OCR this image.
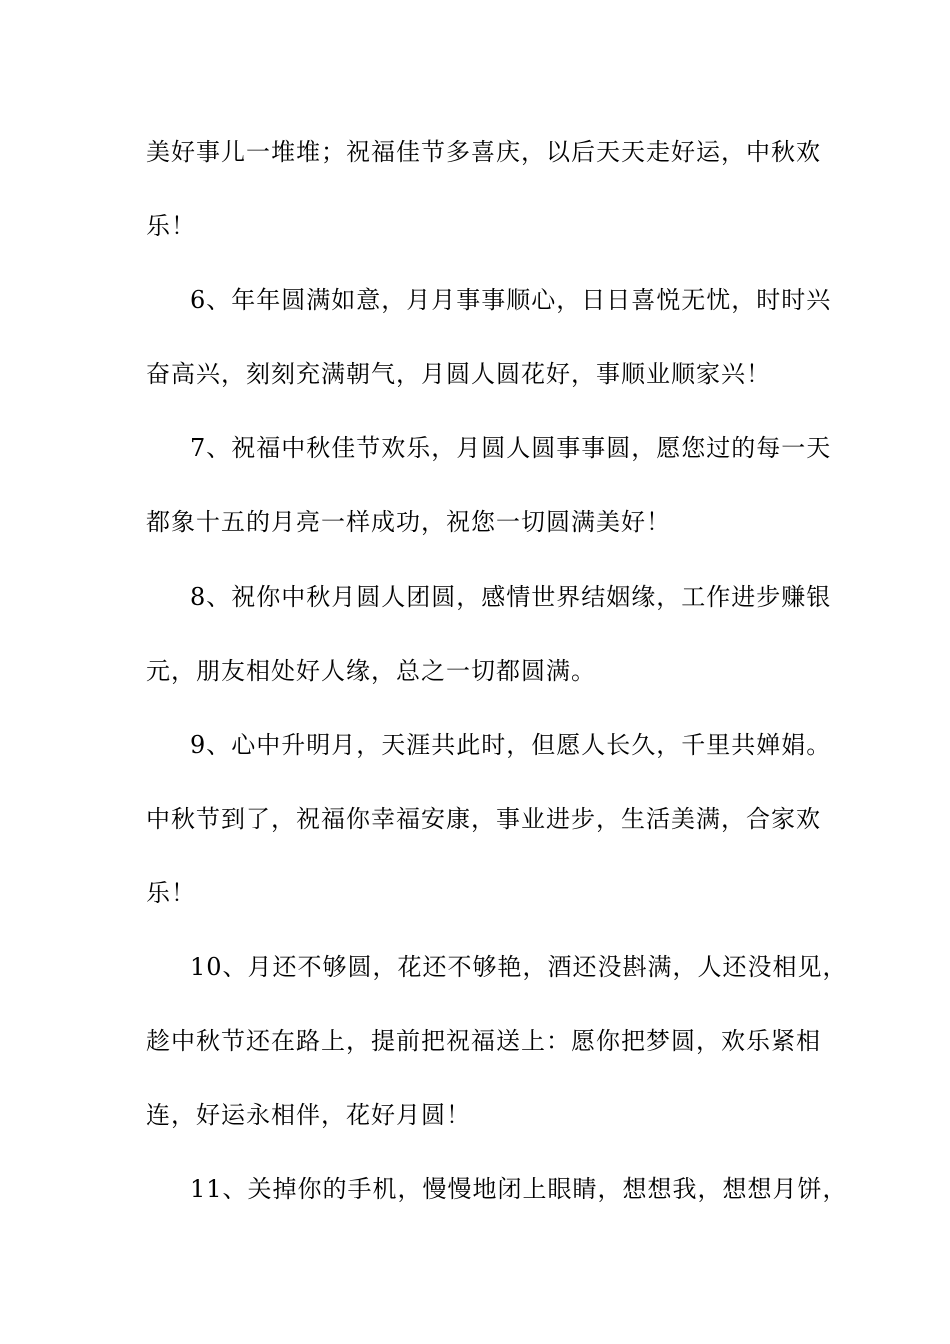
美好事儿一堆堆；祝福佳节多喜庆，以后天天走好运，中秋欢
乐！
6、年年圆满如意，月月事事顺心，日日喜悦无忧，时时兴
奋高兴，刻刻充满朝气，月圆人圆花好，事顺业顺家兴！
7、祝福中秋佳节欢乐，月圆人圆事事圆，愿您过的每一天
都象十五的月亮一样成功，祝您一切圆满美好！
8、祝你中秋月圆人团圆，感情世界结姻缘，工作进步赚银
元，朋友相处好人缘，总之一切都圆满。
9、心中升明月，天涯共此时，但愿人长久，千里共婵娟。
中秋节到了，祝福你幸福安康，事业进步，生活美满，合家欢
乐！
10、月还不够圆，花还不够艳，酒还没斟满，人还没相见，
趁中秋节还在路上，提前把祝福送上：愿你把梦圆，欢乐紧相
连，好运永相伴，花好月圆！
11、关掉你的手机，慢慢地闭上眼睛，想想我，想想月饼，
